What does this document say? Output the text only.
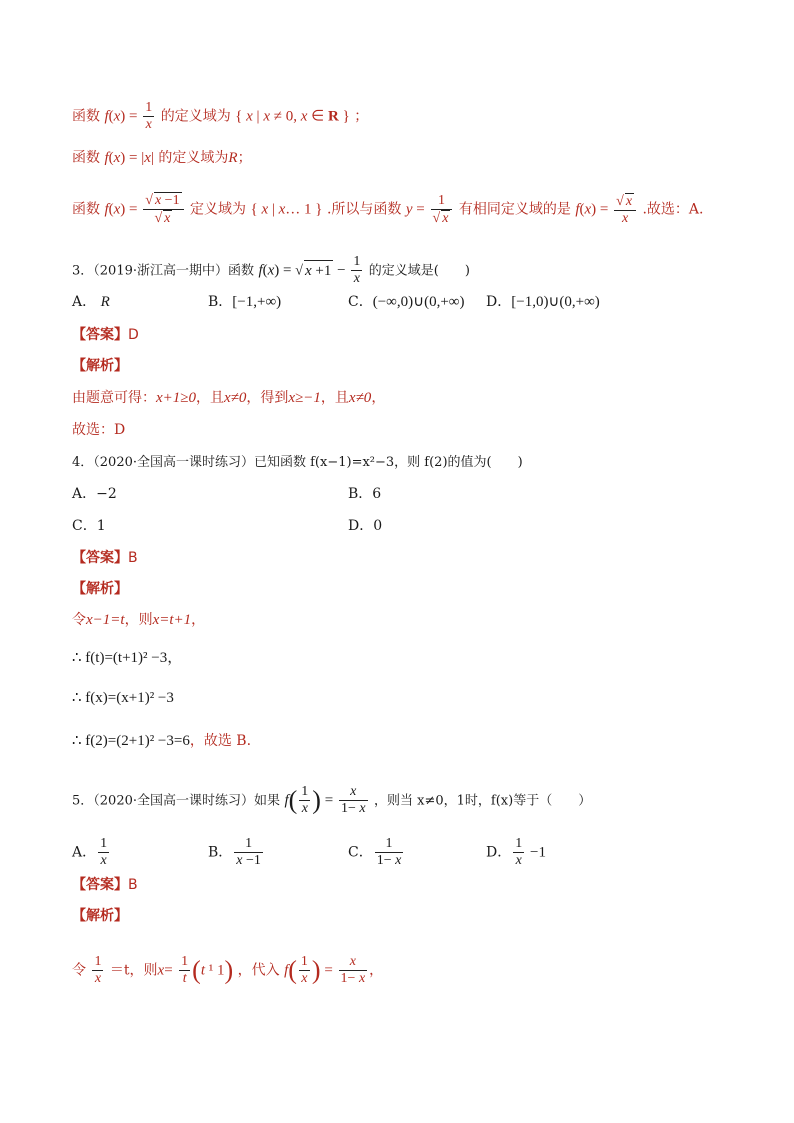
函数 $f(x) = \frac{1}{x}$ 的定义域为 { x | x ≠ 0, x ∈ R } ；
函数 f(x) = |x| 的定义域为R；
函数 $f(x) = \frac{√ x -1}{√ x}$ 定义域为 { x | x… 1 } .所以与函数 $y = \frac{1}{√ x}$ 有相同定义域的是 $f(x) = \frac{√ x}{x}$ .故选：A.
3．（2019·浙江高一期中）函数 f(x) = √ $x +1 - \frac{1}{x}$ 的定义域是(　　)
A． R	B．[−1,+∞)	C．(−∞,0)∪(0,+∞) D．[−1,0)∪(0,+∞)
【答案】D
【解析】
由题意可得：x+1≥0，且x≠0，得到x≥−1，且x≠0，
故选：D
4．（2020·全国高一课时练习）已知函数 f(x−1)=x²−3，则 f(2)的值为(　　)
A．−2	B．6
C．1	D．0
【答案】B
【解析】
令x−1=t，则x=t+1，
∴ f(t)=(t+1)² −3，
∴ f(x)=(x+1)² −3
∴ f(2)=(2+1)² −3=6，故选 B.
5．（2020·全国高一课时练习）如果 $f( \frac{1}{x}$ ) = $\frac{x}{1- x}$ ，则当 x≠0，1时，f(x)等于（　　）
A． $\frac{1}{x}$	B． $\frac{1}{x -1}$	C． $\frac{1}{1- x}$	D． $\frac{1}{x} -1$
【答案】B
【解析】
令 $\frac{1}{x} =t$，则$x= \frac{1}{t} (t$ ¹ 1) ，代入 $f( \frac{1}{x}$ ) = $\frac{x}{1- x}$ ，
